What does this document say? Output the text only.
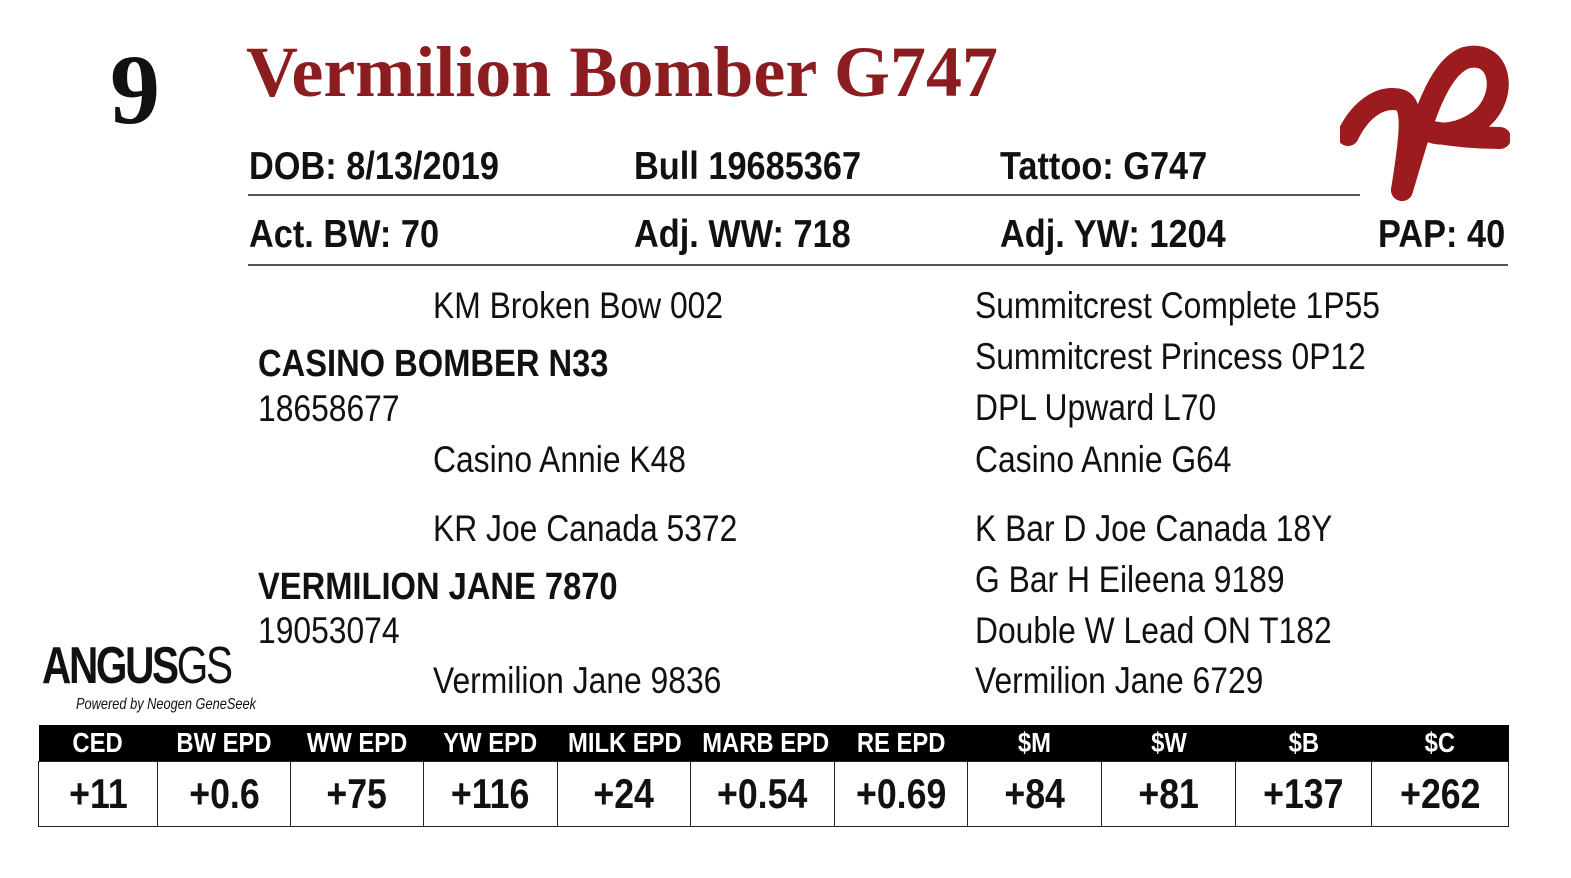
9 Vermilion Bomber G747
DOB: 8/13/2019	Bull 19685367	Tattoo: G747
Act. BW: 70	Adj. WW: 718	Adj. YW: 1204	PAP: 40
KM Broken Bow 002
CASINO BOMBER N33
18658677
Casino Annie K48
Summitcrest Complete 1P55
Summitcrest Princess 0P12
DPL Upward L70
Casino Annie G64
KR Joe Canada 5372
VERMILION JANE 7870
19053074
Vermilion Jane 9836
K Bar D Joe Canada 18Y
G Bar H Eileena 9189
Double W Lead ON T182
Vermilion Jane 6729
ANGUSGS
Powered by Neogen GeneSeek
CED	BW EPD	WW EPD	YW EPD	MILK EPD	MARB EPD	RE EPD	$M	$W	$B	$C
+11	+0.6	+75	+116	+24	+0.54	+0.69	+84	+81	+137	+262
